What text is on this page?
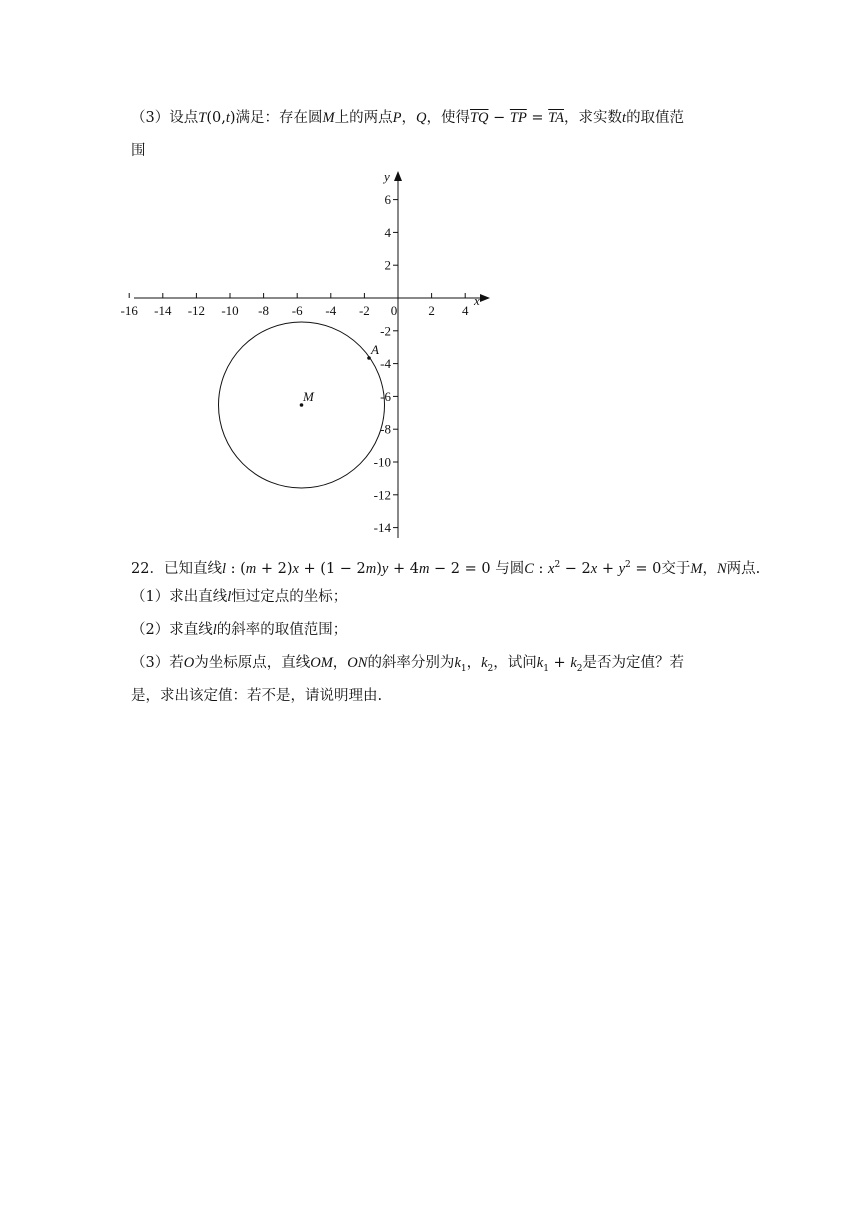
（3）设点T(0,t)满足：存在圆M上的两点P，Q，使得$\overline{TQ} - \overline{TP} = \overline{TA}$，求实数t的取值范
围
-16 -14 -12 -10 -8 -6 -4 -2 0 2 4
6
4
2
-2
-4
-6
-8
-10
-12
-14
x
y
M
A
22．已知直线l : (m + 2)x + (1 − 2m)y + 4m − 2 = 0 与圆C : $x^2 - 2x + y^2 = 0$交于M，N两点.
（1）求出直线l恒过定点的坐标；
（2）求直线l的斜率的取值范围；
（3）若O为坐标原点，直线OM，ON的斜率分别为$k_1$，$k_2$，试问$k_1 + k_2$是否为定值？若
是，求出该定值：若不是，请说明理由.
